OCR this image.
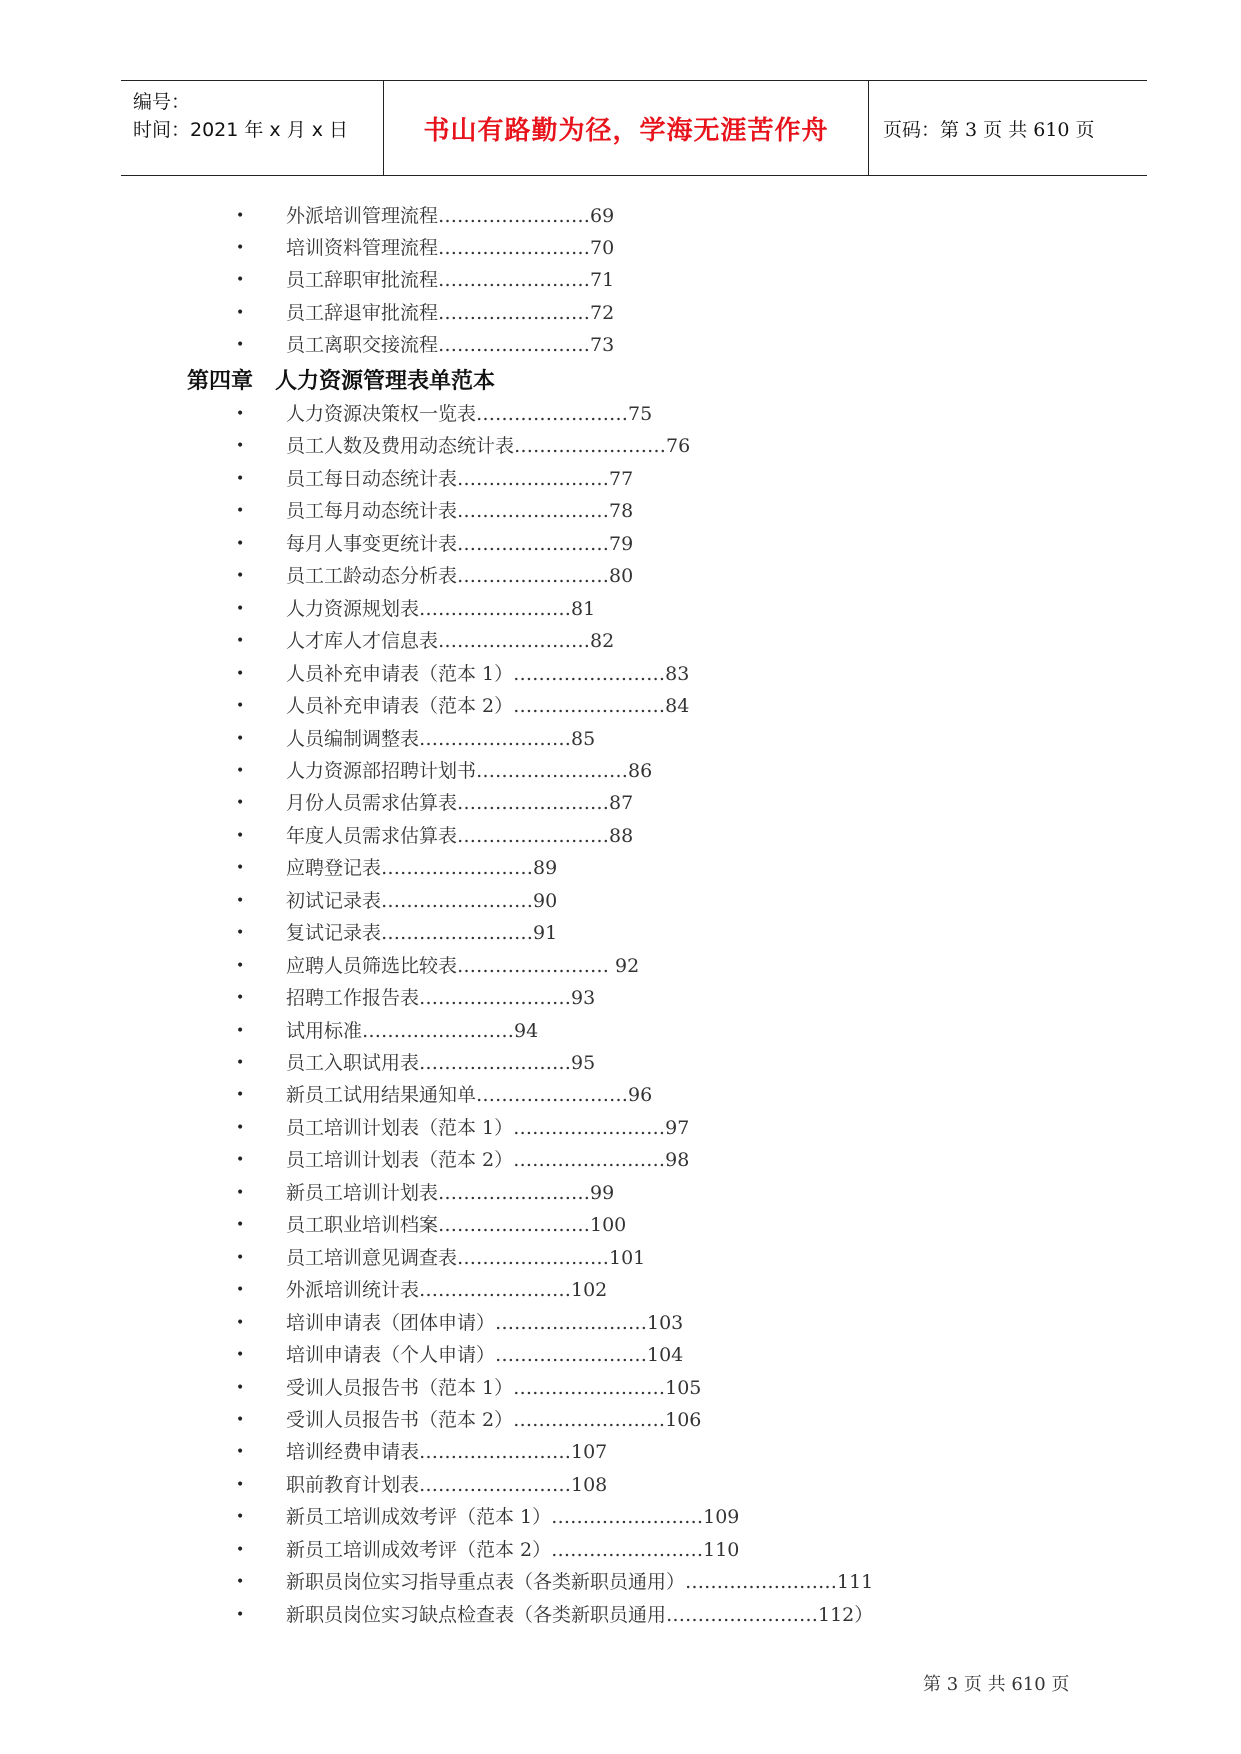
编号：
时间：2021 年 x 月 x 日	书山有路勤为径，学海无涯苦作舟	页码：第 3 页 共 610 页
•	外派培训管理流程……………………69
•	培训资料管理流程……………………70
•	员工辞职审批流程……………………71
•	员工辞退审批流程……………………72
•	员工离职交接流程……………………73
•	人力资源决策权一览表……………………75
•	员工人数及费用动态统计表……………………76
•	员工每日动态统计表……………………77
•	员工每月动态统计表……………………78
•	每月人事变更统计表……………………79
•	员工工龄动态分析表……………………80
•	人力资源规划表……………………81
•	人才库人才信息表……………………82
•	人员补充申请表（范本 1）……………………83
•	人员补充申请表（范本 2）……………………84
•	人员编制调整表……………………85
•	人力资源部招聘计划书……………………86
•	月份人员需求估算表……………………87
•	年度人员需求估算表……………………88
•	应聘登记表……………………89
•	初试记录表……………………90
•	复试记录表……………………91
•	应聘人员筛选比较表…………………… 92
•	招聘工作报告表……………………93
•	试用标准……………………94
•	员工入职试用表……………………95
•	新员工试用结果通知单……………………96
•	员工培训计划表（范本 1）……………………97
•	员工培训计划表（范本 2）……………………98
•	新员工培训计划表……………………99
•	员工职业培训档案……………………100
•	员工培训意见调查表……………………101
•	外派培训统计表……………………102
•	培训申请表（团体申请）……………………103
•	培训申请表（个人申请）……………………104
•	受训人员报告书（范本 1）……………………105
•	受训人员报告书（范本 2）……………………106
•	培训经费申请表……………………107
•	职前教育计划表……………………108
•	新员工培训成效考评（范本 1）……………………109
•	新员工培训成效考评（范本 2）……………………110
•	新职员岗位实习指导重点表（各类新职员通用）……………………111
•	新职员岗位实习缺点检查表（各类新职员通用……………………112）
第四章 人力资源管理表单范本
第 3 页 共 610 页
